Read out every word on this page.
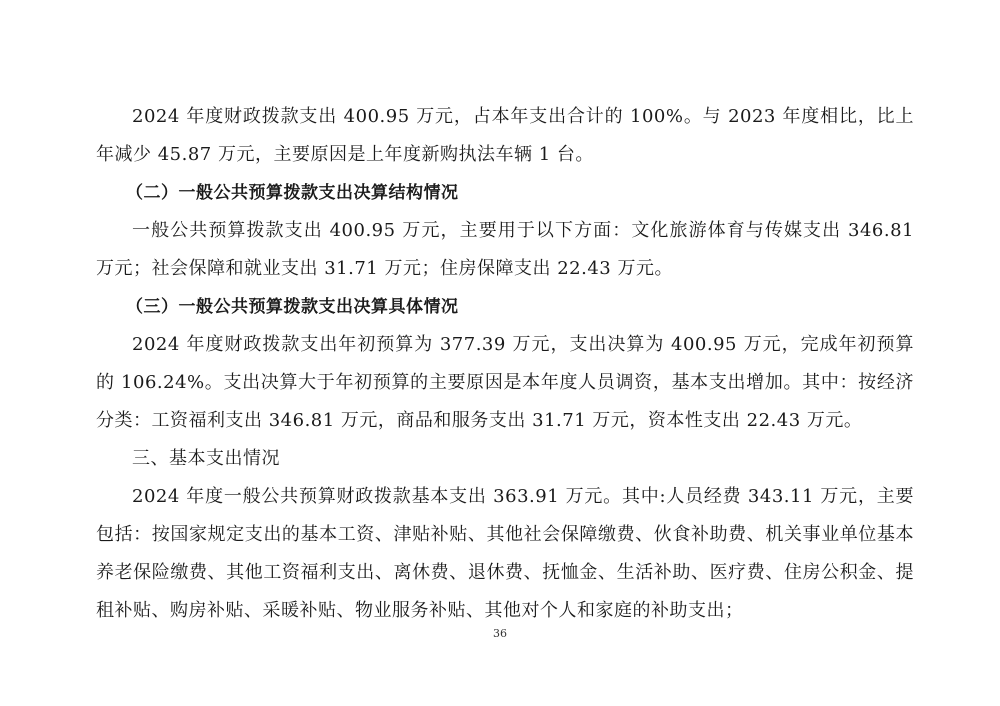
2024 年度财政拨款支出 400.95 万元，占本年支出合计的 100%。与 2023 年度相比，比上年减少 45.87 万元，主要原因是上年度新购执法车辆 1 台。

（二）一般公共预算拨款支出决算结构情况

一般公共预算拨款支出 400.95 万元，主要用于以下方面：文化旅游体育与传媒支出 346.81 万元；社会保障和就业支出 31.71 万元；住房保障支出 22.43 万元。

（三）一般公共预算拨款支出决算具体情况

2024 年度财政拨款支出年初预算为 377.39 万元，支出决算为 400.95 万元，完成年初预算的 106.24%。支出决算大于年初预算的主要原因是本年度人员调资，基本支出增加。其中：按经济分类：工资福利支出 346.81 万元，商品和服务支出 31.71 万元，资本性支出 22.43 万元。

三、基本支出情况

2024 年度一般公共预算财政拨款基本支出 363.91 万元。其中:人员经费 343.11 万元，主要包括：按国家规定支出的基本工资、津贴补贴、其他社会保障缴费、伙食补助费、机关事业单位基本养老保险缴费、其他工资福利支出、离休费、退休费、抚恤金、生活补助、医疗费、住房公积金、提租补贴、购房补贴、采暖补贴、物业服务补贴、其他对个人和家庭的补助支出；

36
